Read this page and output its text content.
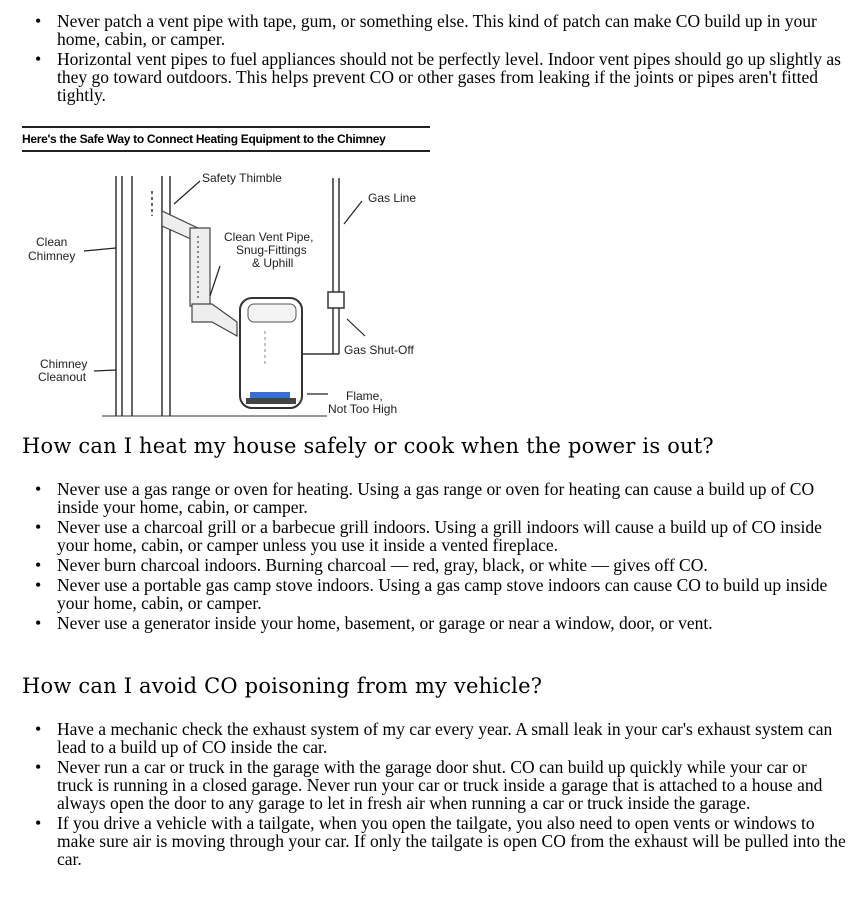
• Never patch a vent pipe with tape, gum, or something else. This kind of patch can make CO build up in your home, cabin, or camper.
• Horizontal vent pipes to fuel appliances should not be perfectly level. Indoor vent pipes should go up slightly as they go toward outdoors. This helps prevent CO or other gases from leaking if the joints or pipes aren't fitted tightly.
Here's the Safe Way to Connect Heating Equipment to the Chimney
Safety Thimble
Gas Line
Clean
Chimney
Clean Vent Pipe,
Snug-Fittings
& Uphill
Gas Shut-Off
Chimney
Cleanout
Flame,
Not Too High
How can I heat my house safely or cook when the power is out?
• Never use a gas range or oven for heating. Using a gas range or oven for heating can cause a build up of CO inside your home, cabin, or camper.
• Never use a charcoal grill or a barbecue grill indoors. Using a grill indoors will cause a build up of CO inside your home, cabin, or camper unless you use it inside a vented fireplace.
• Never burn charcoal indoors. Burning charcoal — red, gray, black, or white — gives off CO.
• Never use a portable gas camp stove indoors. Using a gas camp stove indoors can cause CO to build up inside your home, cabin, or camper.
• Never use a generator inside your home, basement, or garage or near a window, door, or vent.
How can I avoid CO poisoning from my vehicle?
• Have a mechanic check the exhaust system of my car every year. A small leak in your car's exhaust system can lead to a build up of CO inside the car.
• Never run a car or truck in the garage with the garage door shut. CO can build up quickly while your car or truck is running in a closed garage. Never run your car or truck inside a garage that is attached to a house and always open the door to any garage to let in fresh air when running a car or truck inside the garage.
• If you drive a vehicle with a tailgate, when you open the tailgate, you also need to open vents or windows to make sure air is moving through your car. If only the tailgate is open CO from the exhaust will be pulled into the car.
